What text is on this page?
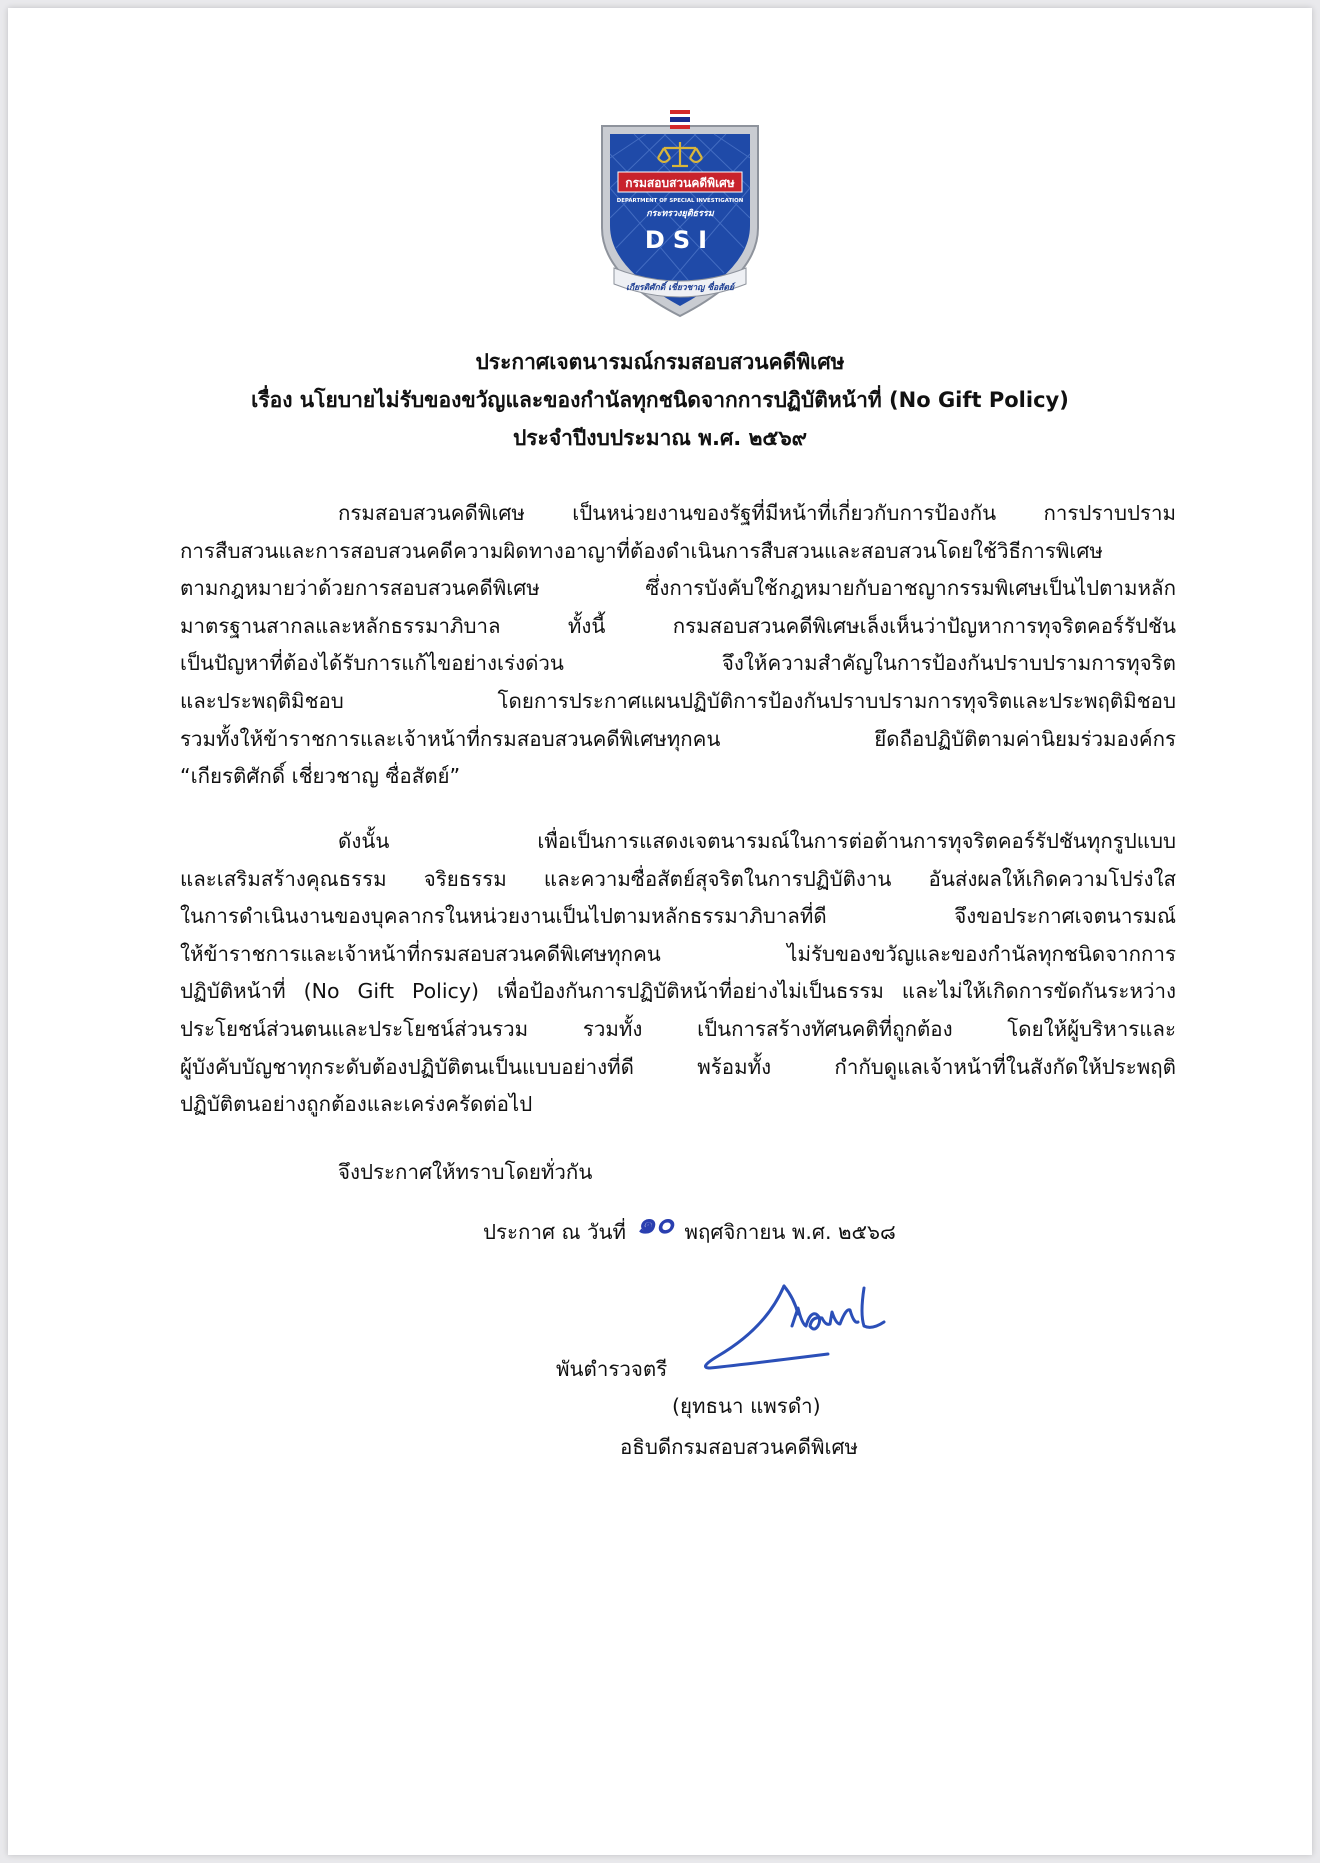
กรมสอบสวนคดีพิเศษ
DEPARTMENT OF SPECIAL INVESTIGATION
กระทรวงยุติธรรม
DSI
เกียรติศักดิ์ เชี่ยวชาญ ซื่อสัตย์
ประกาศเจตนารมณ์กรมสอบสวนคดีพิเศษ
เรื่อง นโยบายไม่รับของขวัญและของกำนัลทุกชนิดจากการปฏิบัติหน้าที่ (No Gift Policy)
ประจำปีงบประมาณ พ.ศ. ๒๕๖๙
กรมสอบสวนคดีพิเศษ เป็นหน่วยงานของรัฐที่มีหน้าที่เกี่ยวกับการป้องกัน การปราบปราม
การสืบสวนและการสอบสวนคดีความผิดทางอาญาที่ต้องดำเนินการสืบสวนและสอบสวนโดยใช้วิธีการพิเศษ
ตามกฎหมายว่าด้วยการสอบสวนคดีพิเศษ ซึ่งการบังคับใช้กฎหมายกับอาชญากรรมพิเศษเป็นไปตามหลัก
มาตรฐานสากลและหลักธรรมาภิบาล ทั้งนี้ กรมสอบสวนคดีพิเศษเล็งเห็นว่าปัญหาการทุจริตคอร์รัปชัน
เป็นปัญหาที่ต้องได้รับการแก้ไขอย่างเร่งด่วน จึงให้ความสำคัญในการป้องกันปราบปรามการทุจริต
และประพฤติมิชอบ โดยการประกาศแผนปฏิบัติการป้องกันปราบปรามการทุจริตและประพฤติมิชอบ
รวมทั้งให้ข้าราชการและเจ้าหน้าที่กรมสอบสวนคดีพิเศษทุกคน ยึดถือปฏิบัติตามค่านิยมร่วมองค์กร
“เกียรติศักดิ์ เชี่ยวชาญ ซื่อสัตย์”
ดังนั้น เพื่อเป็นการแสดงเจตนารมณ์ในการต่อต้านการทุจริตคอร์รัปชันทุกรูปแบบ
และเสริมสร้างคุณธรรม จริยธรรม และความซื่อสัตย์สุจริตในการปฏิบัติงาน อันส่งผลให้เกิดความโปร่งใส
ในการดำเนินงานของบุคลากรในหน่วยงานเป็นไปตามหลักธรรมาภิบาลที่ดี จึงขอประกาศเจตนารมณ์
ให้ข้าราชการและเจ้าหน้าที่กรมสอบสวนคดีพิเศษทุกคน ไม่รับของขวัญและของกำนัลทุกชนิดจากการ
ปฏิบัติหน้าที่ (No Gift Policy) เพื่อป้องกันการปฏิบัติหน้าที่อย่างไม่เป็นธรรม และไม่ให้เกิดการขัดกันระหว่าง
ประโยชน์ส่วนตนและประโยชน์ส่วนรวม รวมทั้ง เป็นการสร้างทัศนคติที่ถูกต้อง โดยให้ผู้บริหารและ
ผู้บังคับบัญชาทุกระดับต้องปฏิบัติตนเป็นแบบอย่างที่ดี พร้อมทั้ง กำกับดูแลเจ้าหน้าที่ในสังกัดให้ประพฤติ
ปฏิบัติตนอย่างถูกต้องและเคร่งครัดต่อไป
จึงประกาศให้ทราบโดยทั่วกัน
ประกาศ ณ วันที่ ๑๐ พฤศจิกายน พ.ศ. ๒๕๖๘
พันตำรวจตรี
(ยุทธนา แพรดำ)
อธิบดีกรมสอบสวนคดีพิเศษ
